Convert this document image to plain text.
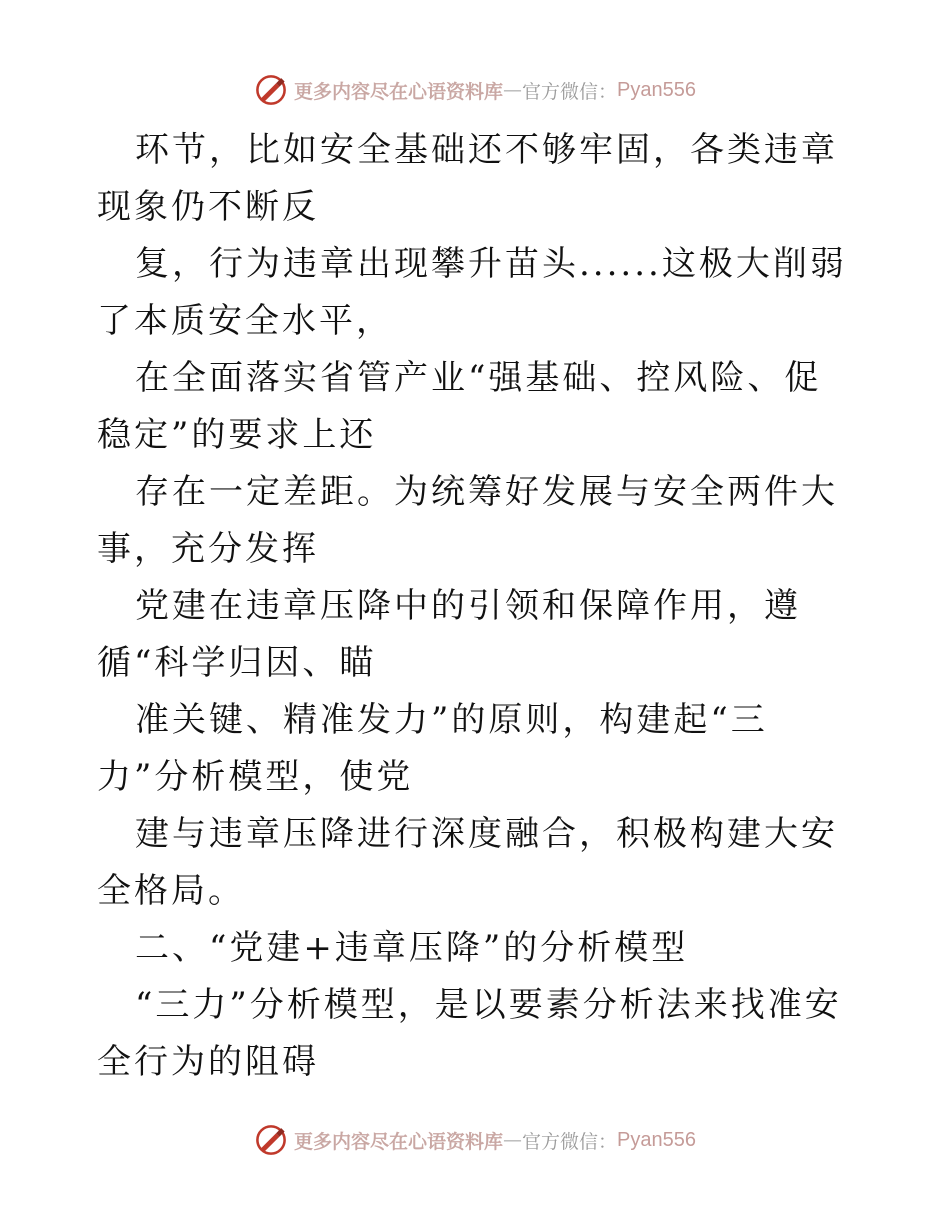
更多内容尽在心语资料库 — 官方微信： Pyan556

环节，比如安全基础还不够牢固，各类违章现象仍不断反

复，行为违章出现攀升苗头......这极大削弱了本质安全水平，

在全面落实省管产业“强基础、控风险、促稳定”的要求上还

存在一定差距。为统筹好发展与安全两件大事，充分发挥

党建在违章压降中的引领和保障作用，遵循“科学归因、瞄

准关键、精准发力”的原则，构建起“三力”分析模型，使党

建与违章压降进行深度融合，积极构建大安全格局。

二、“党建+违章压降”的分析模型

“三力”分析模型，是以要素分析法来找准安全行为的阻碍

更多内容尽在心语资料库 — 官方微信： Pyan556
